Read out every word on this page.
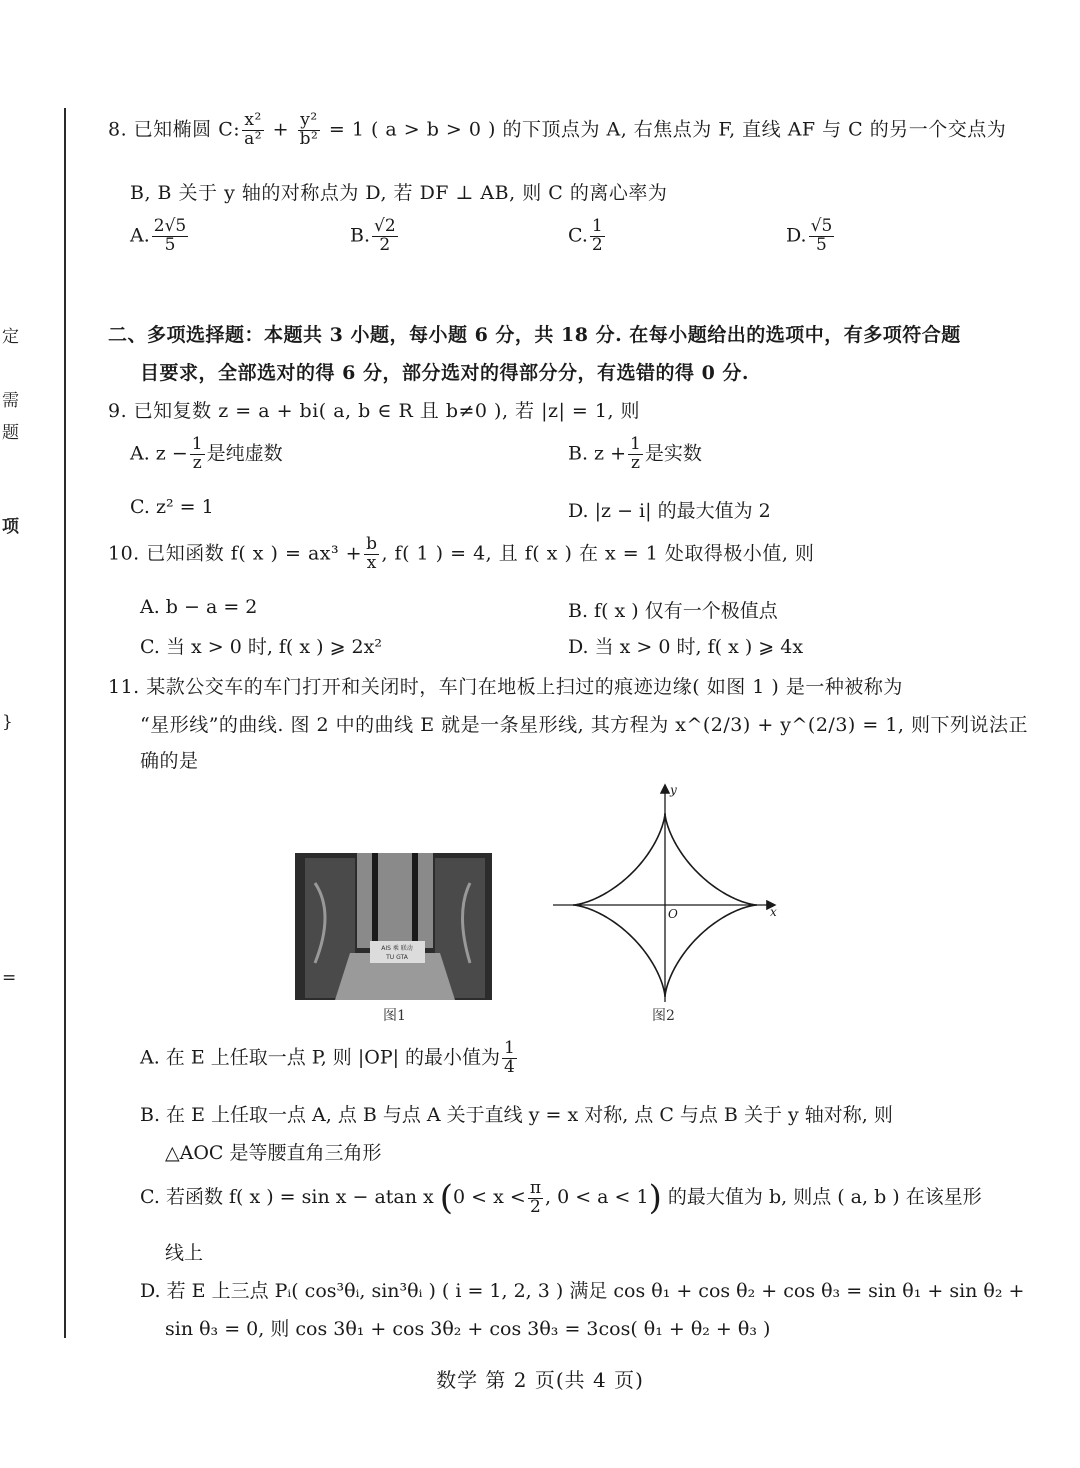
定
需
题
项
}
=
8. 已知椭圆 C: $\frac{\text{x²}}{\text{a²}} + \frac{\text{y²}}{\text{b²}} = 1$ ( a > b > 0 ) 的下顶点为 A, 右焦点为 F, 直线 AF 与 C 的另一个交点为
B, B 关于 y 轴的对称点为 D, 若 DF ⊥ AB, 则 C 的离心率为
A. $\frac{2√5}{5}$	B. $\frac{√2}{2}$	C. $\frac{1}{2}$	D. $\frac{√5}{5}$
二、多项选择题：本题共 3 小题，每小题 6 分，共 18 分. 在每小题给出的选项中，有多项符合题
目要求，全部选对的得 6 分，部分选对的得部分分，有选错的得 0 分.
9. 已知复数 z = a + bi( a, b ∈ R 且 b≠0 ), 若 |z| = 1, 则
A. $z - \frac{1}{z}$ 是纯虚数	B. $z + \frac{1}{z}$ 是实数
C. z² = 1	D. |z − i| 的最大值为 2
10. 已知函数 f( x ) = $ax^3 + \frac{b}{x}$ , f( 1 ) = 4, 且 f( x ) 在 x = 1 处取得极小值, 则
A. b − a = 2	B. f( x ) 仅有一个极值点
C. 当 x > 0 时, f( x ) ⩾ 2x²	D. 当 x > 0 时, f( x ) ⩾ 4x
11. 某款公交车的车门打开和关闭时，车门在地板上扫过的痕迹边缘( 如图 1 ) 是一种被称为
“星形线”的曲线. 图 2 中的曲线 E 就是一条星形线, 其方程为 x^(2/3) + y^(2/3) = 1, 则下列说法正
确的是
AIS 乘 联动
TU GTA
图1
x
y
O
图2
A. 在 E 上任取一点 P, 则 |OP| 的最小值为 $\frac{1}{4}$
B. 在 E 上任取一点 A, 点 B 与点 A 关于直线 y = x 对称, 点 C 与点 B 关于 y 轴对称, 则
△AOC 是等腰直角三角形
C. 若函数 f( x ) = sin x − atan x ($0 < x < \frac{\pi}{2}$ , 0 < a < 1) 的最大值为 b, 则点 ( a, b ) 在该星形
线上
D. 若 E 上三点 Pᵢ( cos³θᵢ, sin³θᵢ ) ( i = 1, 2, 3 ) 满足 cos θ₁ + cos θ₂ + cos θ₃ = sin θ₁ + sin θ₂ +
sin θ₃ = 0, 则 cos 3θ₁ + cos 3θ₂ + cos 3θ₃ = 3cos( θ₁ + θ₂ + θ₃ )
数学 第 2 页(共 4 页)
